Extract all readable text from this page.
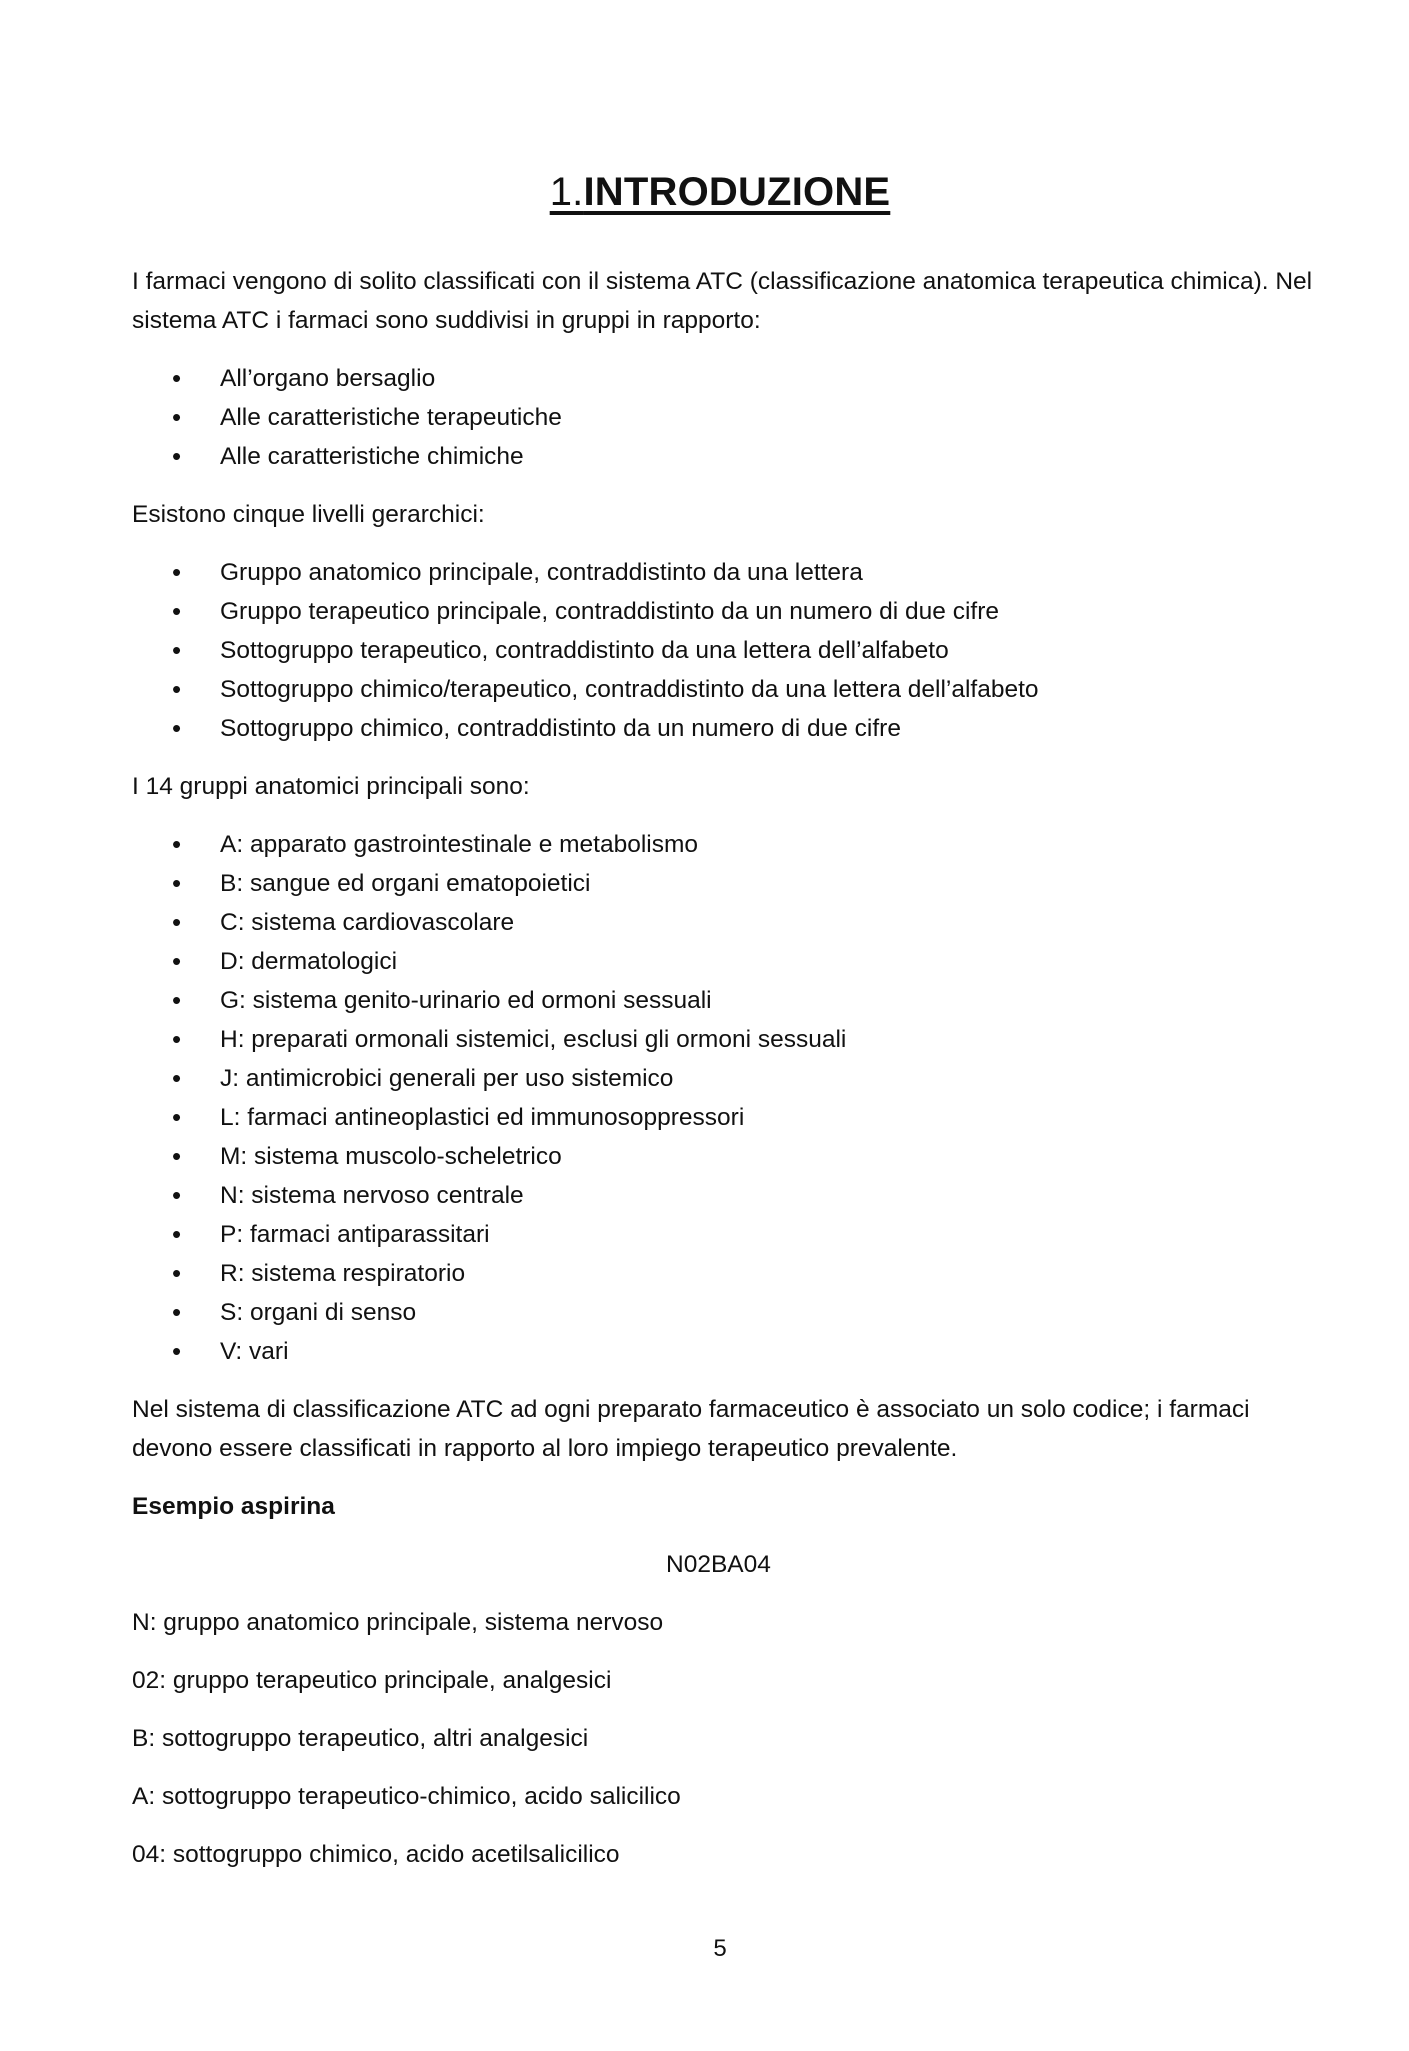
1.INTRODUZIONE

I farmaci vengono di solito classificati con il sistema ATC (classificazione anatomica terapeutica chimica). Nel sistema ATC i farmaci sono suddivisi in gruppi in rapporto:

• All’organo bersaglio
• Alle caratteristiche terapeutiche
• Alle caratteristiche chimiche

Esistono cinque livelli gerarchici:

• Gruppo anatomico principale, contraddistinto da una lettera
• Gruppo terapeutico principale, contraddistinto da un numero di due cifre
• Sottogruppo terapeutico, contraddistinto da una lettera dell’alfabeto
• Sottogruppo chimico/terapeutico, contraddistinto da una lettera dell’alfabeto
• Sottogruppo chimico, contraddistinto da un numero di due cifre

I 14 gruppi anatomici principali sono:

• A: apparato gastrointestinale e metabolismo
• B: sangue ed organi ematopoietici
• C: sistema cardiovascolare
• D: dermatologici
• G: sistema genito-urinario ed ormoni sessuali
• H: preparati ormonali sistemici, esclusi gli ormoni sessuali
• J: antimicrobici generali per uso sistemico
• L: farmaci antineoplastici ed immunosoppressori
• M: sistema muscolo-scheletrico
• N: sistema nervoso centrale
• P: farmaci antiparassitari
• R: sistema respiratorio
• S: organi di senso
• V: vari

Nel sistema di classificazione ATC ad ogni preparato farmaceutico è associato un solo codice; i farmaci devono essere classificati in rapporto al loro impiego terapeutico prevalente.

Esempio aspirina

N02BA04

N: gruppo anatomico principale, sistema nervoso

02: gruppo terapeutico principale, analgesici

B: sottogruppo terapeutico, altri analgesici

A: sottogruppo terapeutico-chimico, acido salicilico

04: sottogruppo chimico, acido acetilsalicilico

5
